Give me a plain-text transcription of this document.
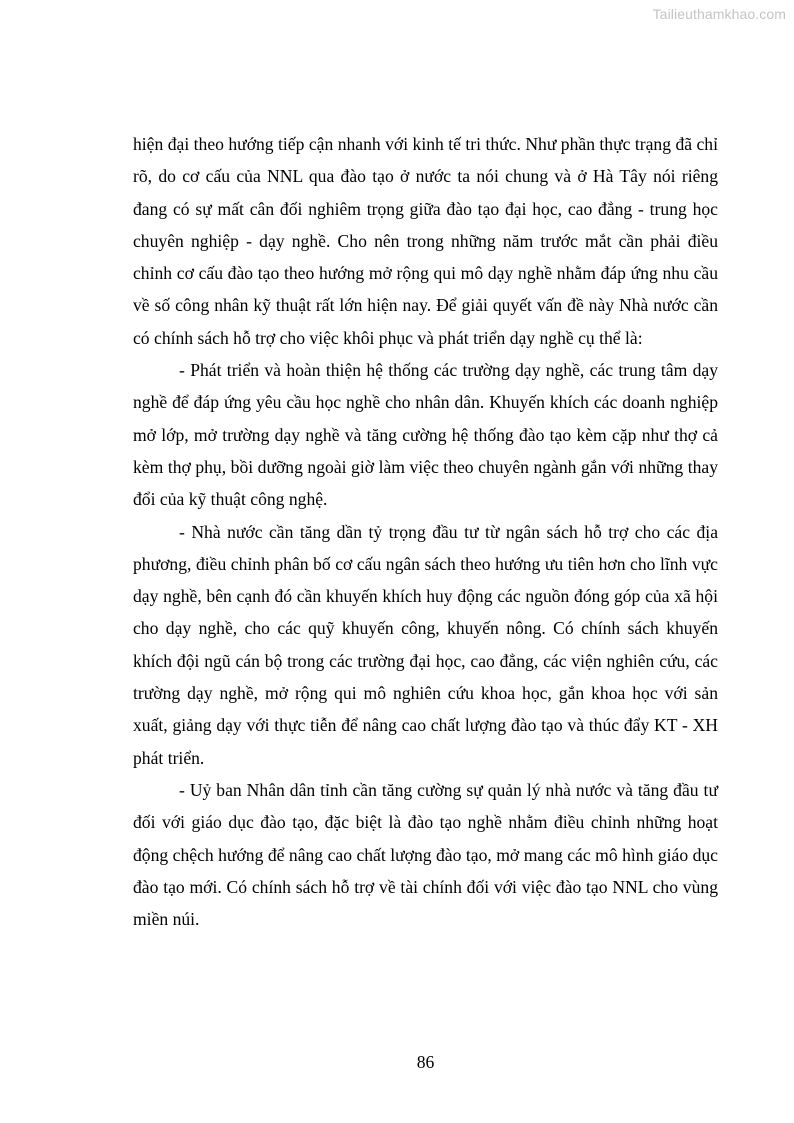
Tailieuthamkhao.com

hiện đại theo hướng tiếp cận nhanh với kinh tế tri thức. Như phần thực trạng đã chỉ rõ, do cơ cấu của NNL qua đào tạo ở nước ta nói chung và ở Hà Tây nói riêng đang có sự mất cân đối nghiêm trọng giữa đào tạo đại học, cao đẳng - trung học chuyên nghiệp - dạy nghề. Cho nên trong những năm trước mắt cần phải điều chỉnh cơ cấu đào tạo theo hướng mở rộng qui mô dạy nghề nhằm đáp ứng nhu cầu về số công nhân kỹ thuật rất lớn hiện nay. Để giải quyết vấn đề này Nhà nước cần có chính sách hỗ trợ cho việc khôi phục và phát triển dạy nghề cụ thể là:

- Phát triển và hoàn thiện hệ thống các trường dạy nghề, các trung tâm dạy nghề để đáp ứng yêu cầu học nghề cho nhân dân. Khuyến khích các doanh nghiệp mở lớp, mở trường dạy nghề và tăng cường hệ thống đào tạo kèm cặp như thợ cả kèm thợ phụ, bồi dưỡng ngoài giờ làm việc theo chuyên ngành gắn với những thay đổi của kỹ thuật công nghệ.

- Nhà nước cần tăng dần tỷ trọng đầu tư từ ngân sách hỗ trợ cho các địa phương, điều chỉnh phân bố cơ cấu ngân sách theo hướng ưu tiên hơn cho lĩnh vực dạy nghề, bên cạnh đó cần khuyến khích huy động các nguồn đóng góp của xã hội cho dạy nghề, cho các quỹ khuyến công, khuyến nông. Có chính sách khuyến khích đội ngũ cán bộ trong các trường đại học, cao đẳng, các viện nghiên cứu, các trường dạy nghề, mở rộng qui mô nghiên cứu khoa học, gắn khoa học với sản xuất, giảng dạy với thực tiễn để nâng cao chất lượng đào tạo và thúc đẩy KT - XH phát triển.

- Uỷ ban Nhân dân tỉnh cần tăng cường sự quản lý nhà nước và tăng đầu tư đối với giáo dục đào tạo, đặc biệt là đào tạo nghề nhằm điều chỉnh những hoạt động chệch hướng để nâng cao chất lượng đào tạo, mở mang các mô hình giáo dục đào tạo mới. Có chính sách hỗ trợ về tài chính đối với việc đào tạo NNL cho vùng miền núi.

86
